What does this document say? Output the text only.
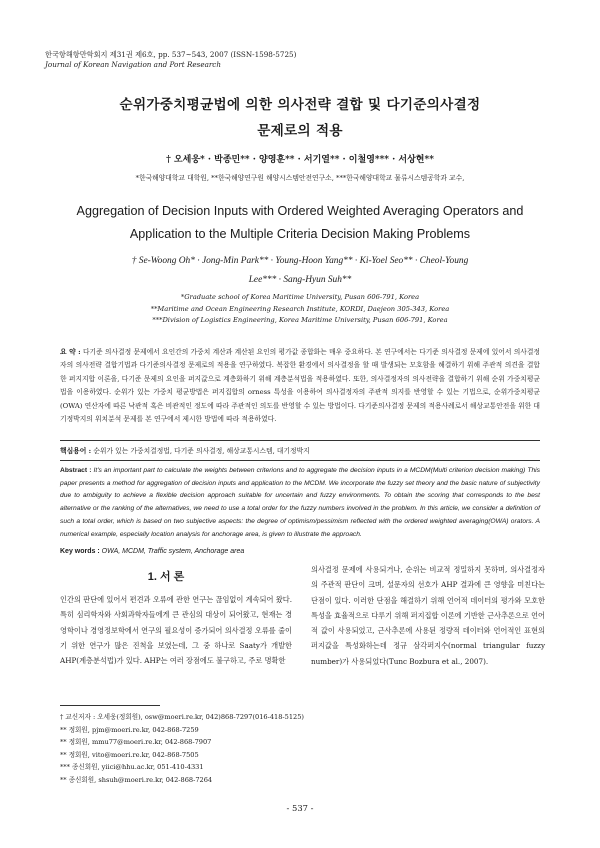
한국항해항만학회지 제31권 제6호, pp. 537~543, 2007 (ISSN-1598-5725)
Journal of Korean Navigation and Port Research
순위가중치평균법에 의한 의사전략 결합 및 다기준의사결정
문제로의 적용
† 오세웅* · 박종민** · 양영훈** · 서기열** · 이철영*** · 서상현**
*한국해양대학교 대학원, **한국해양연구원 해양시스템안전연구소, ***한국해양대학교 물류시스템공학과 교수,
Aggregation of Decision Inputs with Ordered Weighted Averaging Operators and
Application to the Multiple Criteria Decision Making Problems
† Se-Woong Oh* · Jong-Min Park** · Young-Hoon Yang** · Ki-Yoel Seo** · Cheol-Young
Lee*** · Sang-Hyun Suh**
*Graduate school of Korea Maritime University, Pusan 606-791, Korea
**Maritime and Ocean Engineering Research Institute, KORDI, Daejeon 305-343, Korea
***Division of Logistics Engineering, Korea Maritime University, Pusan 606-791, Korea
요 약 : 다기준 의사결정 문제에서 요인간의 가중치 계산과 계산된 요인의 평가값 종합화는 매우 중요하다. 본 연구에서는 다기준 의사결정 문제에 있어서 의사결정자의 의사전략 결합기법과 다기준의사결정 문제로의 적용을 연구하였다. 복잡한 환경에서 의사결정을 할 때 발생되는 모호함을 해결하기 위해 주관적 의견을 결합한 퍼지지합 이론을, 다기준 문제의 요인을 퍼지값으로 계층화하기 위해 계층분석법을 적용하였다. 또한, 의사결정자의 의사전략을 결합하기 위해 순위 가중치평균법을 이용하였다. 순위가 있는 가중치 평균방법은 퍼지집합의 orness 특성을 이용하여 의사결정자의 주관적 의지를 반영할 수 있는 기법으로, 순위가중치평균(OWA) 연산자에 따른 낙관적 혹은 비관적인 정도에 따라 주관적인 의도를 반영할 수 있는 방법이다. 다기준의사결정 문제의 적용사례로서 해상교통안전을 위한 대기정박지의 위치분석 문제를 본 연구에서 제시한 방법에 따라 적용하였다.
핵심용어 : 순위가 있는 가중치결정법, 다기준 의사결정, 해상교통시스템, 대기정박지
Abstract : It's an important part to calculate the weights between criterions and to aggregate the decision inputs in a MCDM(Multi criterion decision making) This paper presents a method for aggregation of decision inputs and application to the MCDM. We incorporate the fuzzy set theory and the basic nature of subjectivity due to ambiguity to achieve a flexible decision approach suitable for uncertain and fuzzy environments. To obtain the scoring that corresponds to the best alternative or the ranking of the alternatives, we need to use a total order for the fuzzy numbers involved in the problem. In this article, we consider a definition of such a total order, which is based on two subjective aspects: the degree of optimism/pessimism reflected with the ordered weighted averaging(OWA) orators. A numerical example, especially location analysis for anchorage area, is given to illustrate the approach.
Key words : OWA, MCDM, Traffic system, Anchorage area
1. 서 론
인간의 판단에 있어서 편견과 오류에 관한 연구는 끊임없이 계속되어 왔다. 특히 심리학자와 사회과학자들에게 큰 관심의 대상이 되어왔고, 현재는 경영학이나 경영정보학에서 연구의 필요성이 증가되어 의사결정 오류를 줄이기 위한 연구가 많은 진척을 보였는데, 그 중 하나로 Saaty가 개발한 AHP(계층분석법)가 있다. AHP는 여러 장점에도 불구하고, 주로 명확한
의사결정 문제에 사용되거나, 순위는 비교적 정밀하지 못하며, 의사결정자의 주관적 판단이 크며, 설문자의 선호가 AHP 결과에 큰 영향을 미친다는 단점이 있다. 이러한 단점을 해결하기 위해 언어적 데이터의 평가와 모호한 특성을 효율적으로 다루기 위해 퍼지집합 이론에 기반한 근사추론으로 언어적 값이 사용되었고, 근사추론에 사용된 정량적 데이터와 언어적인 표현의 퍼지값을 특성화하는데 정규 삼각퍼지수(normal triangular fuzzy number)가 사용되었다(Tunc Bozbura et al., 2007).
† 교신저자 : 오세웅(정회원), osw@moeri.re.kr, 042)868-7297(016-418-5125)
** 정회원, pjm@moeri.re.kr, 042-868-7259
** 정회원, mmu77@moeri.re.kr, 042-868-7907
** 정회원, vito@moeri.re.kr, 042-868-7505
*** 종신회원, yiici@hhu.ac.kr, 051-410-4331
** 종신회원, shsuh@moeri.re.kr, 042-868-7264
- 537 -
